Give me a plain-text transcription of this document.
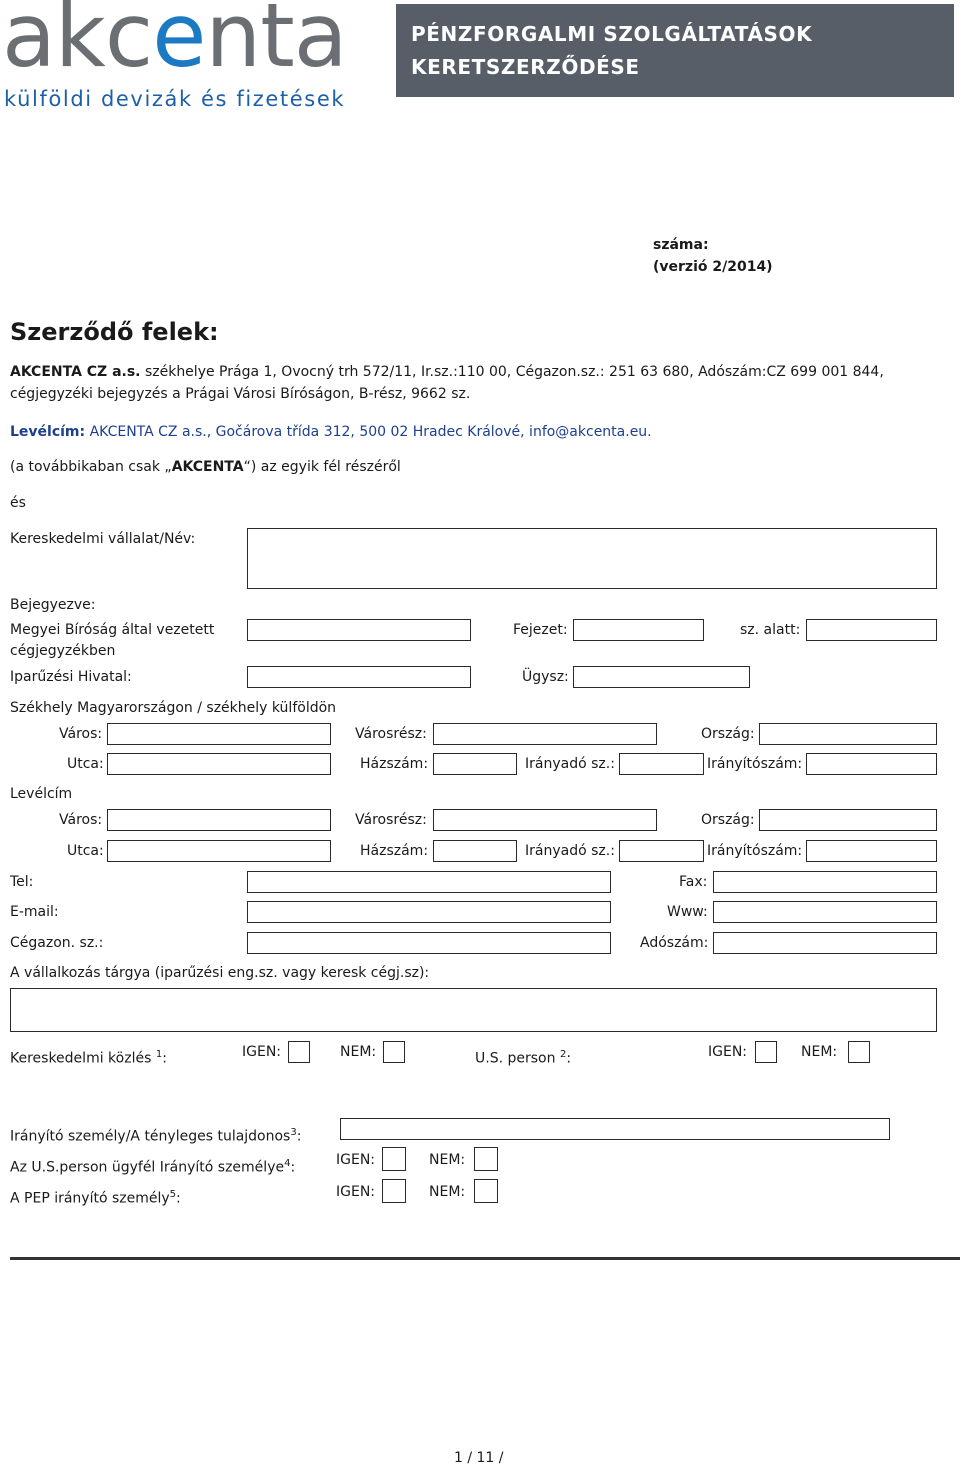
akcenta
külföldi devizák és fizetések
PÉNZFORGALMI SZOLGÁLTATÁSOK
KERETSZERZŐDÉSE
száma:
(verzió 2/2014)
Szerződő felek:
AKCENTA CZ a.s. székhelye Prága 1, Ovocný trh 572/11, Ir.sz.:110 00, Cégazon.sz.: 251 63 680, Adószám:CZ 699 001 844,
cégjegyzéki bejegyzés a Prágai Városi Bíróságon, B-rész, 9662 sz.
Levélcím: AKCENTA CZ a.s., Gočárova třída 312, 500 02 Hradec Králové, info@akcenta.eu.
(a továbbikaban csak „AKCENTA“) az egyik fél részéről
és
Kereskedelmi vállalat/Név:
Bejegyezve:
Megyei Bíróság által vezetett
cégjegyzékben
Fejezet:	sz. alatt:
Iparűzési Hivatal:	Ügysz:
Székhely Magyarországon / székhely külföldön
Város:	Városrész:	Ország:
Utca:	Házszám:	Irányadó sz.:	Irányítószám:
Levélcím
Város:	Városrész:	Ország:
Utca:	Házszám:	Irányadó sz.:	Irányítószám:
Tel:	Fax:
E-mail:	Www:
Cégazon. sz.:	Adószám:
A vállalkozás tárgya (iparűzési eng.sz. vagy keresk cégj.sz):
Kereskedelmi közlés $^1$:	IGEN:	NEM:	U.S. person $^2$:	IGEN:	NEM:
Irányító személy/A tényleges tulajdonos$^3$:
Az U.S.person ügyfél Irányító személye$^4$:	IGEN:	NEM:
A PEP irányító személy$^5$:	IGEN:	NEM:
1 / 11 /
